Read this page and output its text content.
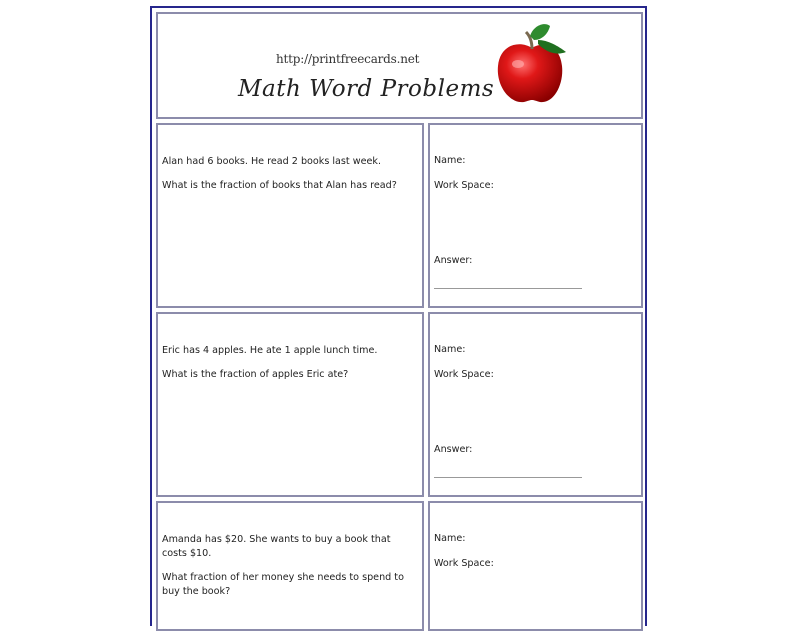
http://printfreecards.net
Math Word Problems

Alan had 6 books. He read 2 books last week.

What is the fraction of books that Alan has read?

Name:
Work Space:
Answer:

Eric has 4 apples. He ate 1 apple lunch time.

What is the fraction of apples Eric ate?

Name:
Work Space:
Answer:

Amanda has $20. She wants to buy a book that costs $10.

What fraction of her money she needs to spend to buy the book?

Name:
Work Space:
